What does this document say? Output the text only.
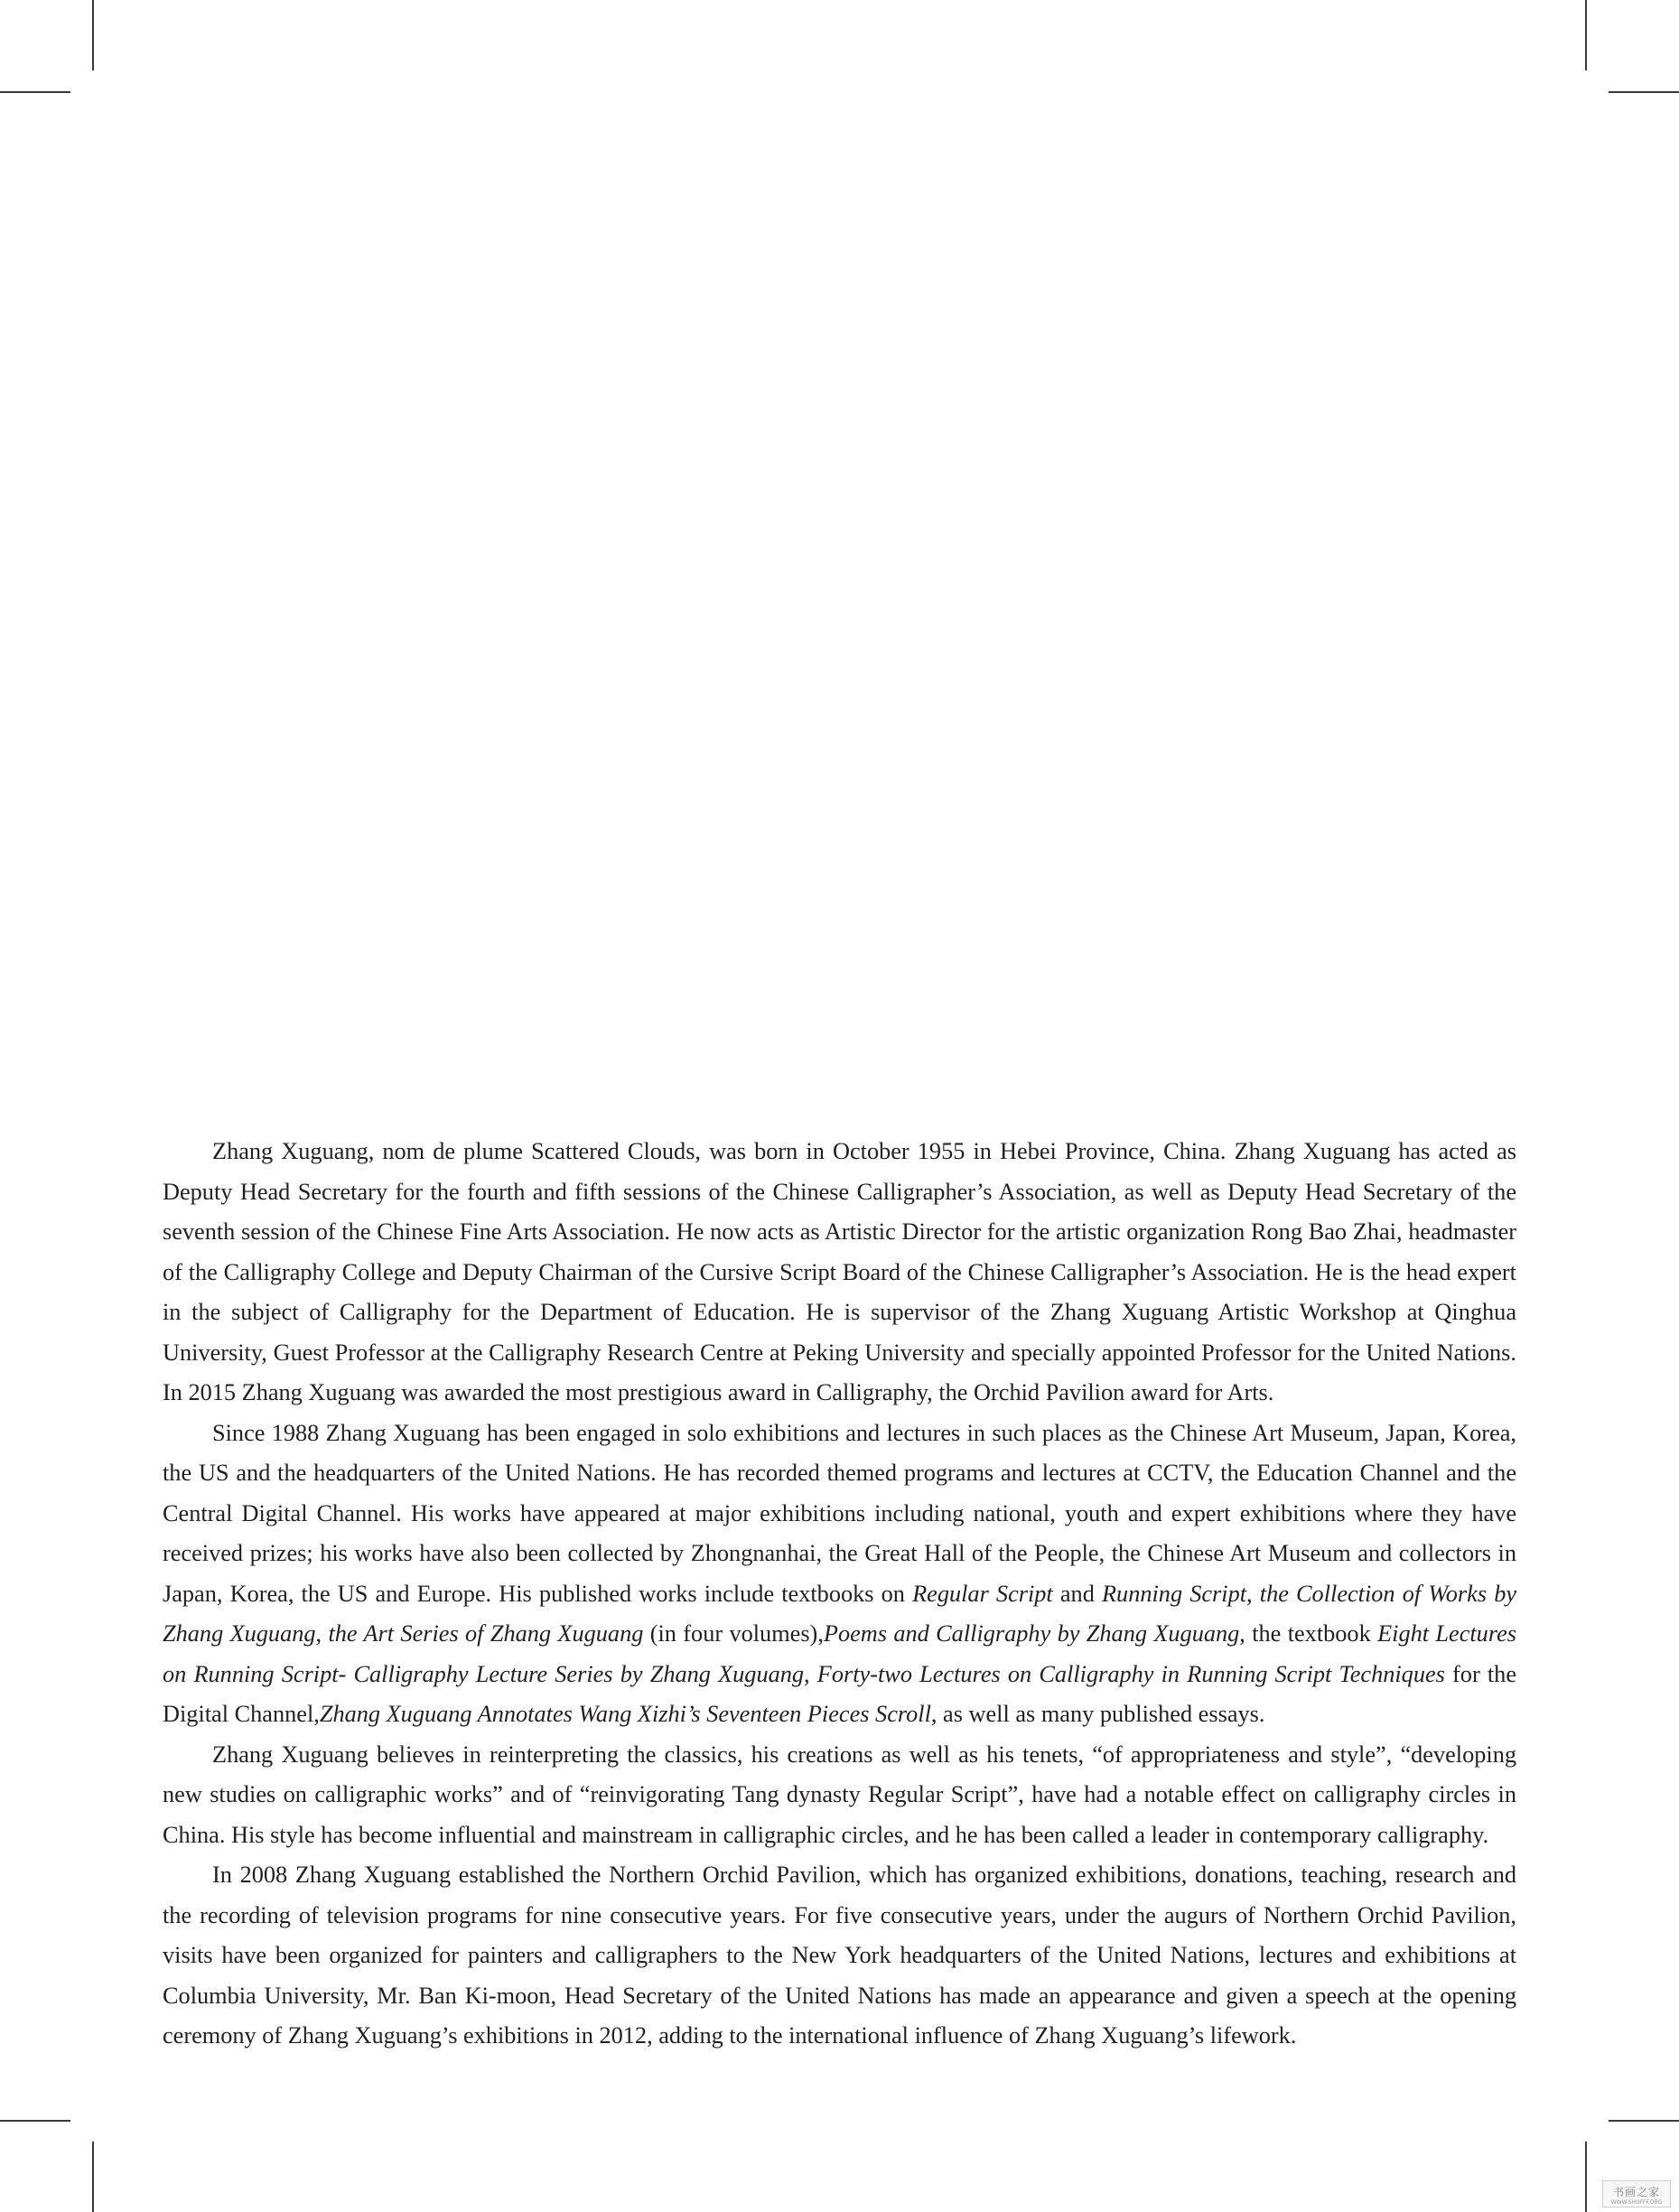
Zhang Xuguang, nom de plume Scattered Clouds, was born in October 1955 in Hebei Province, China. Zhang Xuguang has acted as Deputy Head Secretary for the fourth and fifth sessions of the Chinese Calligrapher’s Association, as well as Deputy Head Secretary of the seventh session of the Chinese Fine Arts Association. He now acts as Artistic Director for the artistic organization Rong Bao Zhai, headmaster of the Calligraphy College and Deputy Chairman of the Cursive Script Board of the Chinese Calligrapher’s Association. He is the head expert in the subject of Calligraphy for the Department of Education. He is supervisor of the Zhang Xuguang Artistic Workshop at Qinghua University, Guest Professor at the Calligraphy Research Centre at Peking University and specially appointed Professor for the United Nations. In 2015 Zhang Xuguang was awarded the most prestigious award in Calligraphy, the Orchid Pavilion award for Arts.

Since 1988 Zhang Xuguang has been engaged in solo exhibitions and lectures in such places as the Chinese Art Museum, Japan, Korea, the US and the headquarters of the United Nations. He has recorded themed programs and lectures at CCTV, the Education Channel and the Central Digital Channel. His works have appeared at major exhibitions including national, youth and expert exhibitions where they have received prizes; his works have also been collected by Zhongnanhai, the Great Hall of the People, the Chinese Art Museum and collectors in Japan, Korea, the US and Europe. His published works include textbooks on Regular Script and Running Script, the Collection of Works by Zhang Xuguang, the Art Series of Zhang Xuguang (in four volumes),Poems and Calligraphy by Zhang Xuguang, the textbook Eight Lectures on Running Script- Calligraphy Lecture Series by Zhang Xuguang, Forty-two Lectures on Calligraphy in Running Script Techniques for the Digital Channel,Zhang Xuguang Annotates Wang Xizhi’s Seventeen Pieces Scroll, as well as many published essays.

Zhang Xuguang believes in reinterpreting the classics, his creations as well as his tenets, “of appropriateness and style”, “developing new studies on calligraphic works” and of “reinvigorating Tang dynasty Regular Script”, have had a notable effect on calligraphy circles in China. His style has become influential and mainstream in calligraphic circles, and he has been called a leader in contemporary calligraphy.

In 2008 Zhang Xuguang established the Northern Orchid Pavilion, which has organized exhibitions, donations, teaching, research and the recording of television programs for nine consecutive years. For five consecutive years, under the augurs of Northern Orchid Pavilion, visits have been organized for painters and calligraphers to the New York headquarters of the United Nations, lectures and exhibitions at Columbia University, Mr. Ban Ki-moon, Head Secretary of the United Nations has made an appearance and given a speech at the opening ceremony of Zhang Xuguang’s exhibitions in 2012, adding to the international influence of Zhang Xuguang’s lifework.

书画之家
WWW.SHUFFF.ORG
